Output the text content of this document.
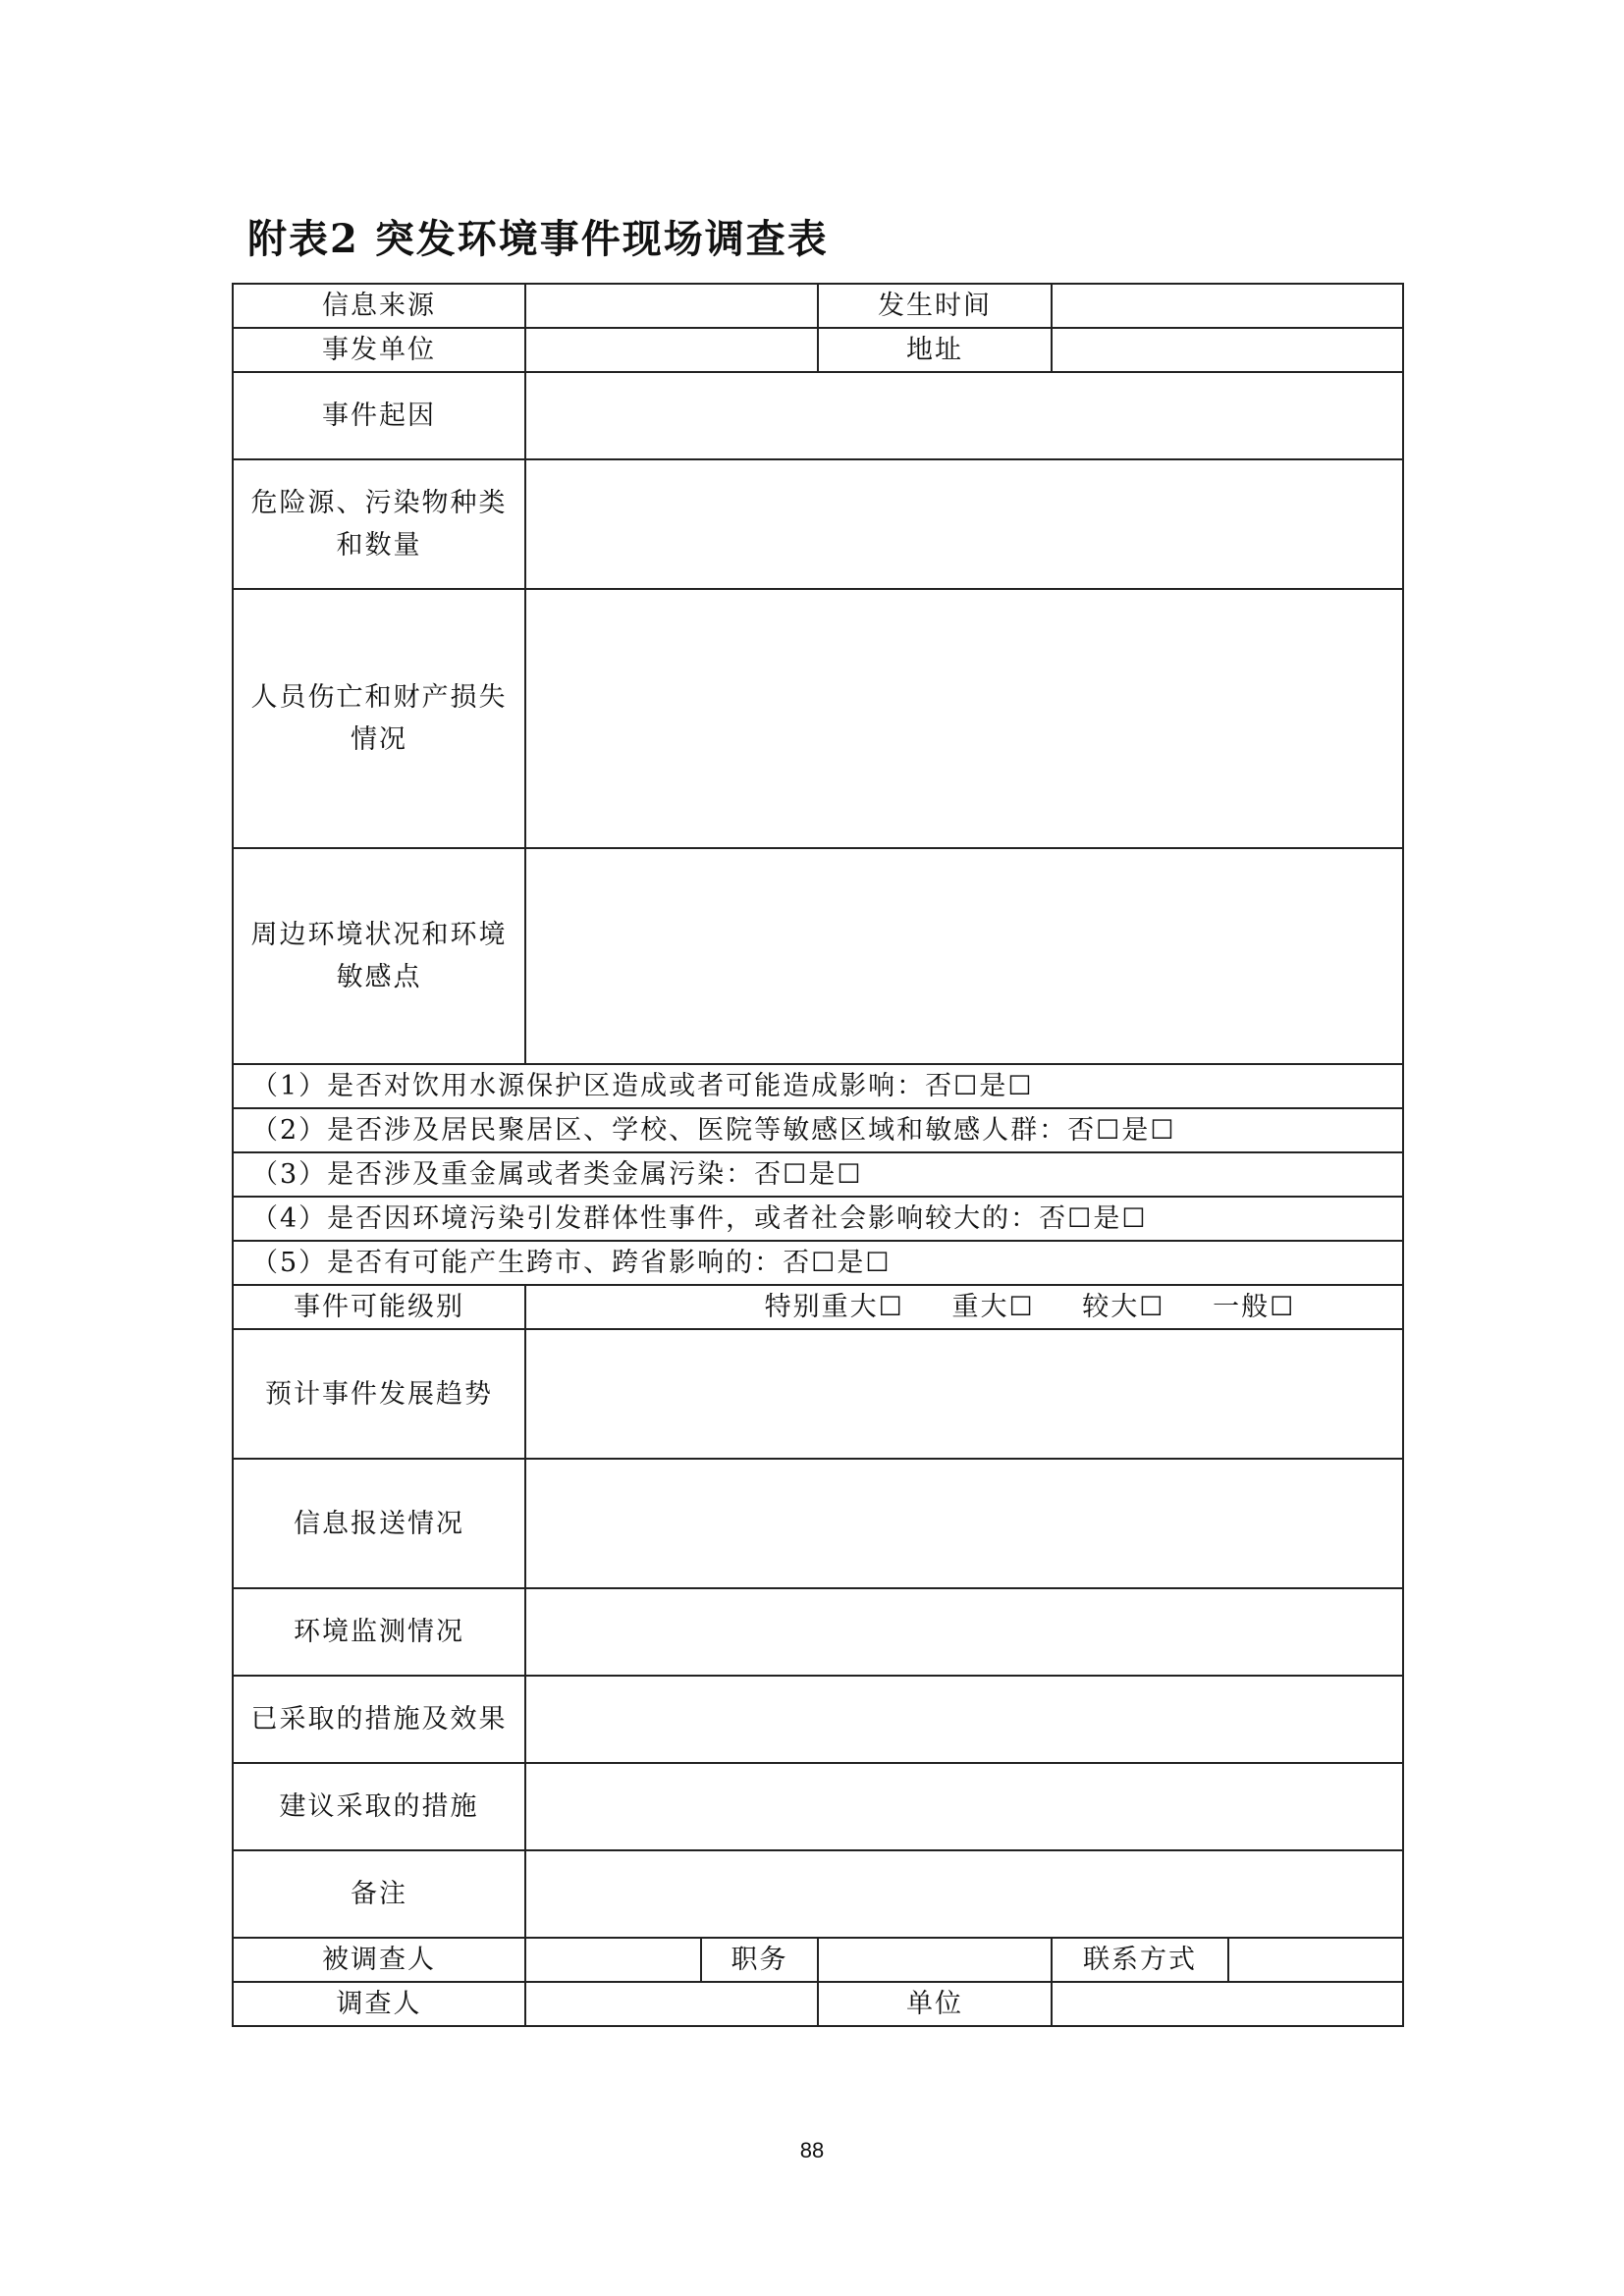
附表2 突发环境事件现场调查表
信息来源			发生时间		
事发单位			地址		
事件起因					

危险源、污染物种类
和数量					

人员伤亡和财产损失
情况					

周边环境状况和环境
敏感点					

（1）是否对饮用水源保护区造成或者可能造成影响：否☐是☐					
（2）是否涉及居民聚居区、学校、医院等敏感区域和敏感人群：否☐是☐					
（3）是否涉及重金属或者类金属污染：否☐是☐					
（4）是否因环境污染引发群体性事件，或者社会影响较大的：否☐是☐					
（5）是否有可能产生跨市、跨省影响的：否☐是☐					
事件可能级别	特别重大☐ 重大☐ 较大☐ 一般☐				
预计事件发展趋势					
信息报送情况					
环境监测情况					
已采取的措施及效果					
建议采取的措施					
备注					
被调查人		职务		联系方式	
调查人			单位		
88
